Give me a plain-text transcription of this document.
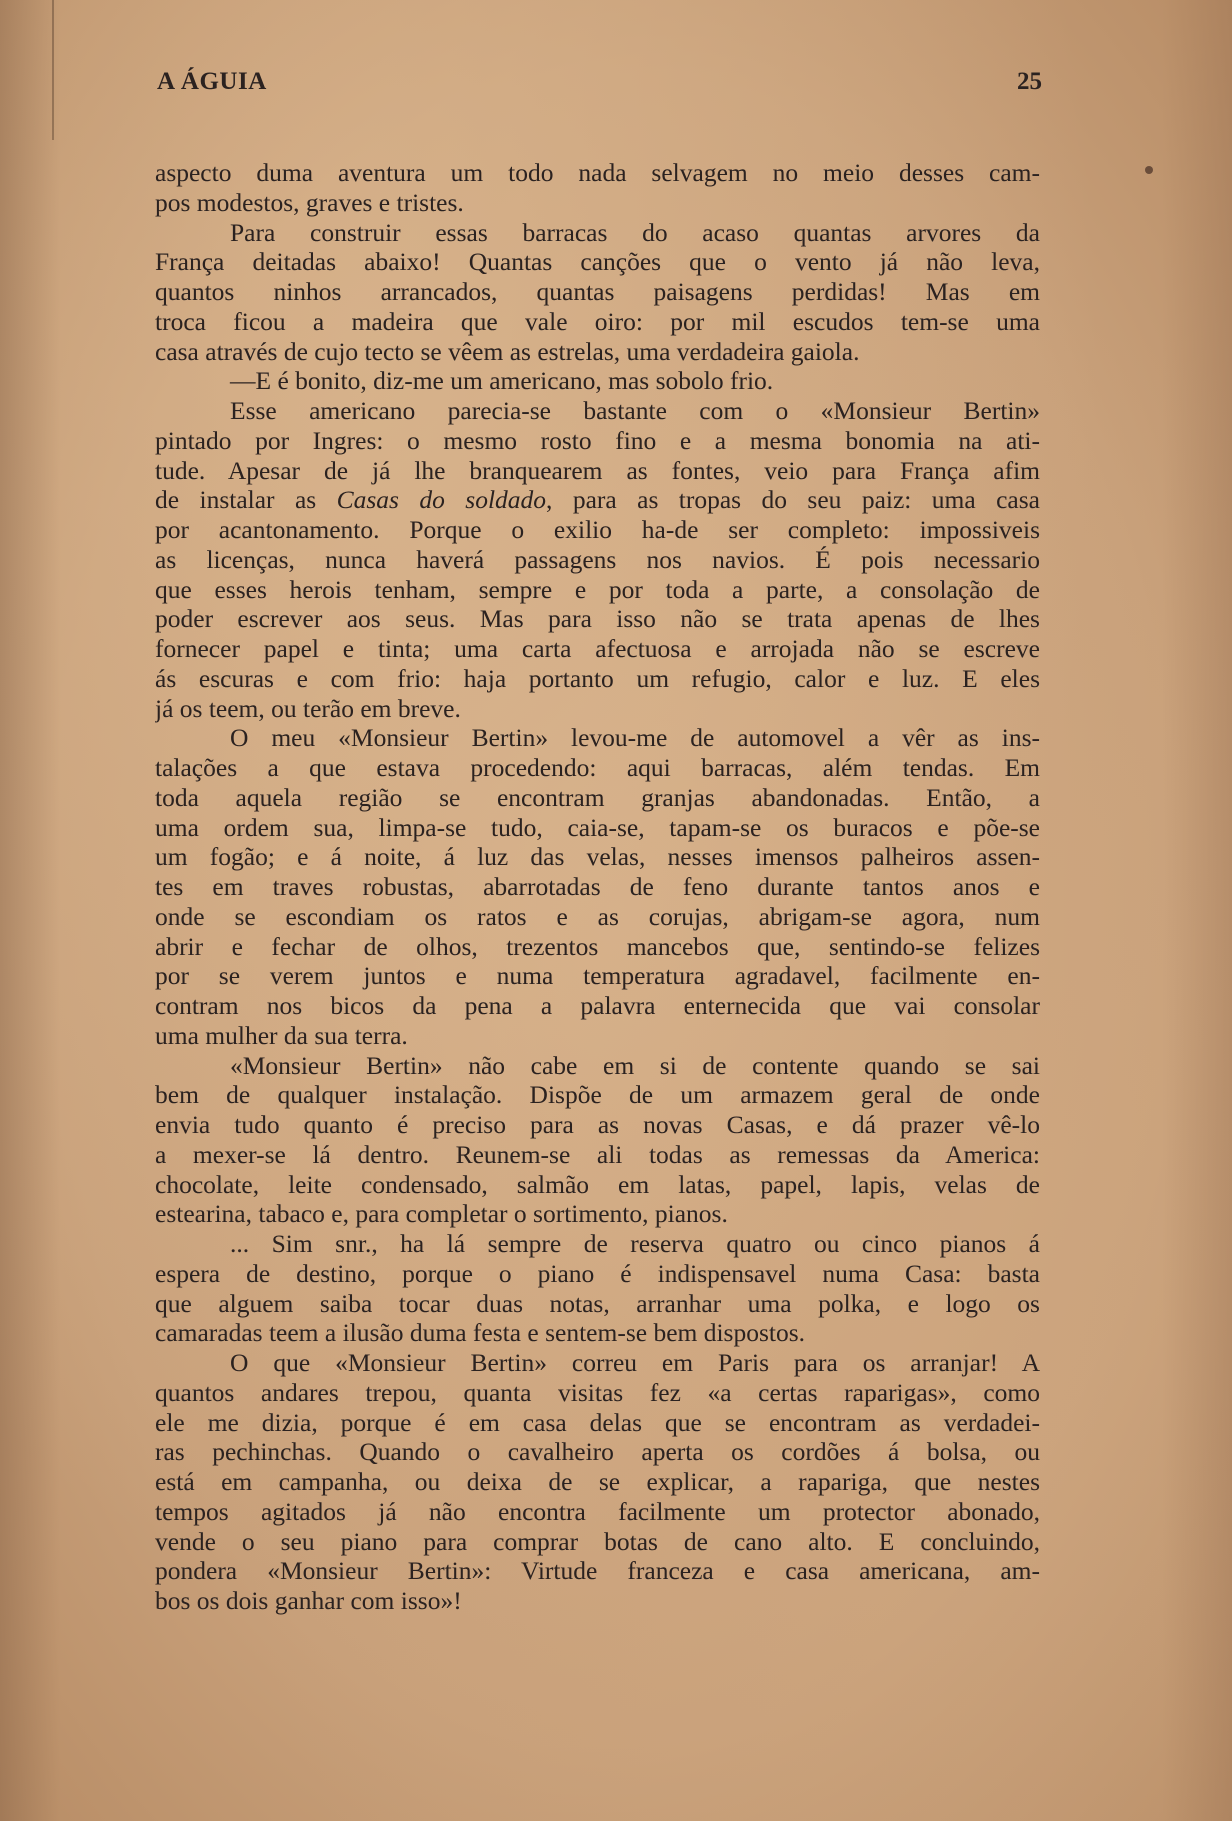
A ÁGUIA	25
aspecto duma aventura um todo nada selvagem no meio desses cam-
pos modestos, graves e tristes.
Para construir essas barracas do acaso quantas arvores da
França deitadas abaixo! Quantas canções que o vento já não leva,
quantos ninhos arrancados, quantas paisagens perdidas! Mas em
troca ficou a madeira que vale oiro: por mil escudos tem-se uma
casa através de cujo tecto se vêem as estrelas, uma verdadeira gaiola.
—E é bonito, diz-me um americano, mas sobolo frio.
Esse americano parecia-se bastante com o «Monsieur Bertin»
pintado por Ingres: o mesmo rosto fino e a mesma bonomia na ati-
tude. Apesar de já lhe branquearem as fontes, veio para França afim
de instalar as Casas do soldado, para as tropas do seu paiz: uma casa
por acantonamento. Porque o exilio ha-de ser completo: impossiveis
as licenças, nunca haverá passagens nos navios. É pois necessario
que esses herois tenham, sempre e por toda a parte, a consolação de
poder escrever aos seus. Mas para isso não se trata apenas de lhes
fornecer papel e tinta; uma carta afectuosa e arrojada não se escreve
ás escuras e com frio: haja portanto um refugio, calor e luz. E eles
já os teem, ou terão em breve.
O meu «Monsieur Bertin» levou-me de automovel a vêr as ins-
talações a que estava procedendo: aqui barracas, além tendas. Em
toda aquela região se encontram granjas abandonadas. Então, a
uma ordem sua, limpa-se tudo, caia-se, tapam-se os buracos e põe-se
um fogão; e á noite, á luz das velas, nesses imensos palheiros assen-
tes em traves robustas, abarrotadas de feno durante tantos anos e
onde se escondiam os ratos e as corujas, abrigam-se agora, num
abrir e fechar de olhos, trezentos mancebos que, sentindo-se felizes
por se verem juntos e numa temperatura agradavel, facilmente en-
contram nos bicos da pena a palavra enternecida que vai consolar
uma mulher da sua terra.
«Monsieur Bertin» não cabe em si de contente quando se sai
bem de qualquer instalação. Dispõe de um armazem geral de onde
envia tudo quanto é preciso para as novas Casas, e dá prazer vê-lo
a mexer-se lá dentro. Reunem-se ali todas as remessas da America:
chocolate, leite condensado, salmão em latas, papel, lapis, velas de
estearina, tabaco e, para completar o sortimento, pianos.
... Sim snr., ha lá sempre de reserva quatro ou cinco pianos á
espera de destino, porque o piano é indispensavel numa Casa: basta
que alguem saiba tocar duas notas, arranhar uma polka, e logo os
camaradas teem a ilusão duma festa e sentem-se bem dispostos.
O que «Monsieur Bertin» correu em Paris para os arranjar! A
quantos andares trepou, quanta visitas fez «a certas raparigas», como
ele me dizia, porque é em casa delas que se encontram as verdadei-
ras pechinchas. Quando o cavalheiro aperta os cordões á bolsa, ou
está em campanha, ou deixa de se explicar, a rapariga, que nestes
tempos agitados já não encontra facilmente um protector abonado,
vende o seu piano para comprar botas de cano alto. E concluindo,
pondera «Monsieur Bertin»: Virtude franceza e casa americana, am-
bos os dois ganhar com isso»!
